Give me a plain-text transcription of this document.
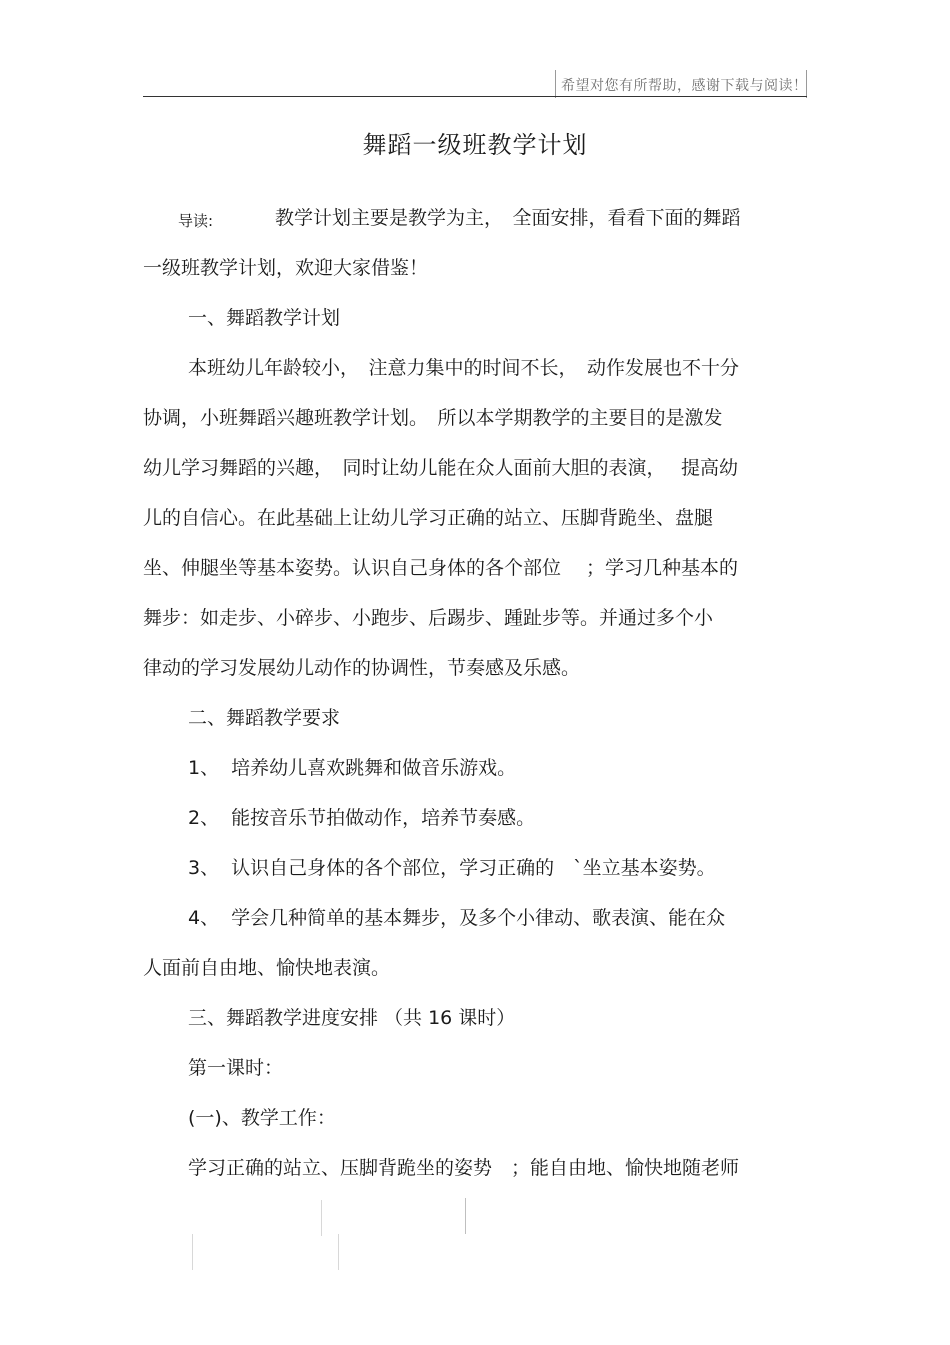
希望对您有所帮助，感谢下载与阅读！
舞蹈一级班教学计划
导读:	教学计划主要是教学为主，　全面安排，看看下面的舞蹈
一级班教学计划，欢迎大家借鉴！
一、舞蹈教学计划
本班幼儿年龄较小，　注意力集中的时间不长，　动作发展也不十分
协调，小班舞蹈兴趣班教学计划。　所以本学期教学的主要目的是激发
幼儿学习舞蹈的兴趣，　同时让幼儿能在众人面前大胆的表演，　 提高幼
儿的自信心。在此基础上让幼儿学习正确的站立、压脚背跪坐、盘腿
坐、伸腿坐等基本姿势。认识自己身体的各个部位　 ；学习几种基本的
舞步：如走步、小碎步、小跑步、后踢步、踵趾步等。并通过多个小
律动的学习发展幼儿动作的协调性，节奏感及乐感。
二、舞蹈教学要求
1、  培养幼儿喜欢跳舞和做音乐游戏。
2、  能按音乐节拍做动作，培养节奏感。
3、  认识自己身体的各个部位，学习正确的　`坐立基本姿势。
4、  学会几种简单的基本舞步，及多个小律动、歌表演、能在众
人面前自由地、愉快地表演。
三、舞蹈教学进度安排 （共 16 课时）
第一课时：
(一)、教学工作：
学习正确的站立、压脚背跪坐的姿势　；能自由地、愉快地随老师
